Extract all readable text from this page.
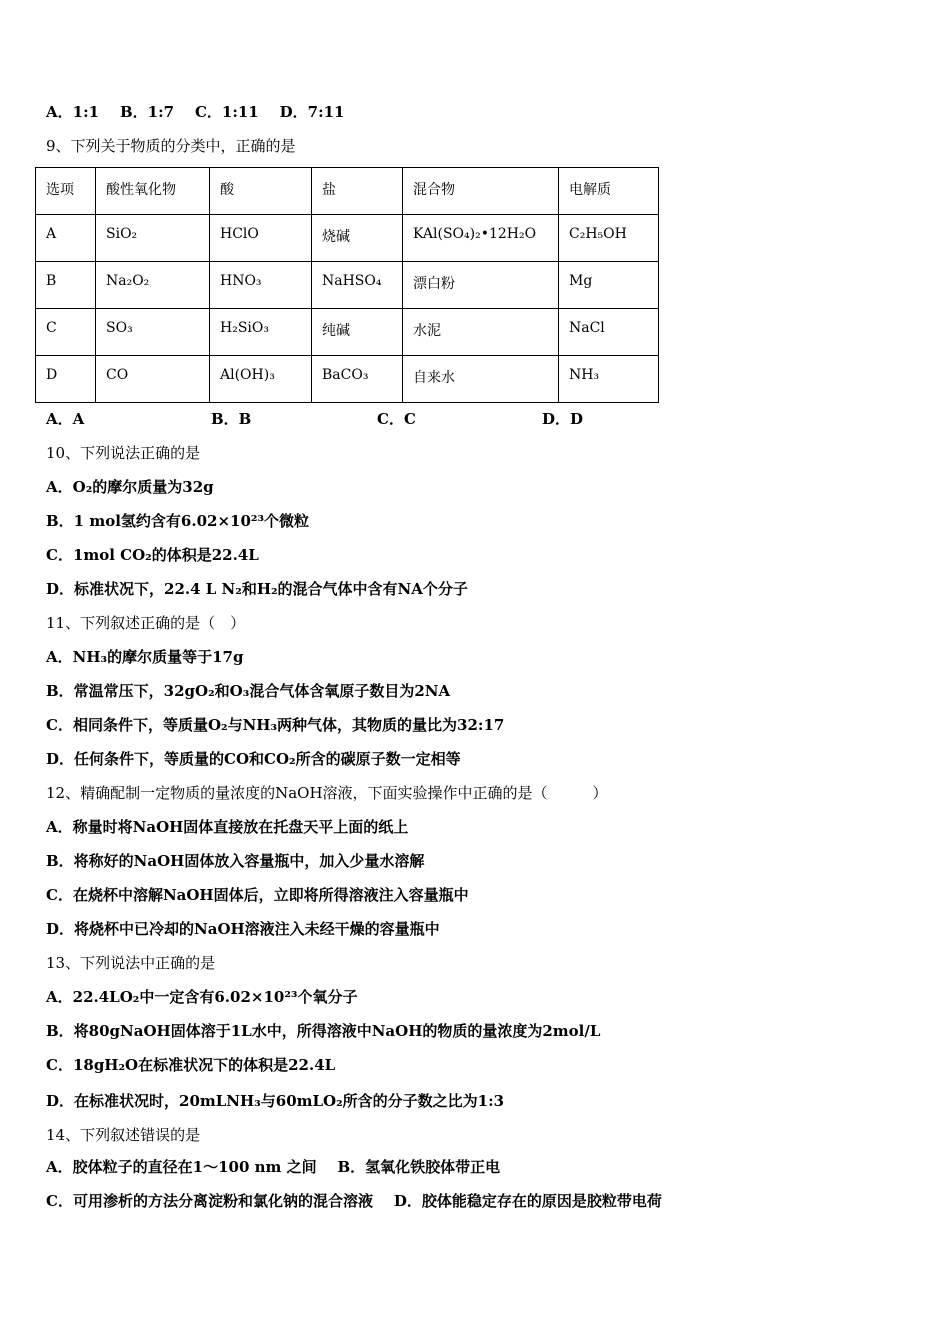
A．1:1 B．1:7 C．1:11 D．7:11
9、下列关于物质的分类中，正确的是
选项	酸性氧化物	酸	盐	混合物	电解质
A	SiO₂	HClO	烧碱	KAl(SO₄)₂•12H₂O	C₂H₅OH
B	Na₂O₂	HNO₃	NaHSO₄	漂白粉	Mg
C	SO₃	H₂SiO₃	纯碱	水泥	NaCl
D	CO	Al(OH)₃	BaCO₃	自来水	NH₃
A．A	B．B	C．C	D．D
10、下列说法正确的是
A．O₂的摩尔质量为32g
B．1 mol氢约含有6.02×10²³个微粒
C．1mol CO₂的体积是22.4L
D．标准状况下，22.4 L N₂和H₂的混合气体中含有NA个分子
11、下列叙述正确的是（　）
A．NH₃的摩尔质量等于17g
B．常温常压下，32gO₂和O₃混合气体含氧原子数目为2NA
C．相同条件下，等质量O₂与NH₃两种气体，其物质的量比为32:17
D．任何条件下，等质量的CO和CO₂所含的碳原子数一定相等
12、精确配制一定物质的量浓度的NaOH溶液，下面实验操作中正确的是（　　　）
A．称量时将NaOH固体直接放在托盘天平上面的纸上
B．将称好的NaOH固体放入容量瓶中，加入少量水溶解
C．在烧杯中溶解NaOH固体后，立即将所得溶液注入容量瓶中
D．将烧杯中已冷却的NaOH溶液注入未经干燥的容量瓶中
13、下列说法中正确的是
A．22.4LO₂中一定含有6.02×10²³个氧分子
B．将80gNaOH固体溶于1L水中，所得溶液中NaOH的物质的量浓度为2mol/L
C．18gH₂O在标准状况下的体积是22.4L
D．在标准状况时，20mLNH₃与60mLO₂所含的分子数之比为1:3
14、下列叙述错误的是
A．胶体粒子的直径在1～100 nm 之间 B．氢氧化铁胶体带正电
C．可用渗析的方法分离淀粉和氯化钠的混合溶液 D．胶体能稳定存在的原因是胶粒带电荷
